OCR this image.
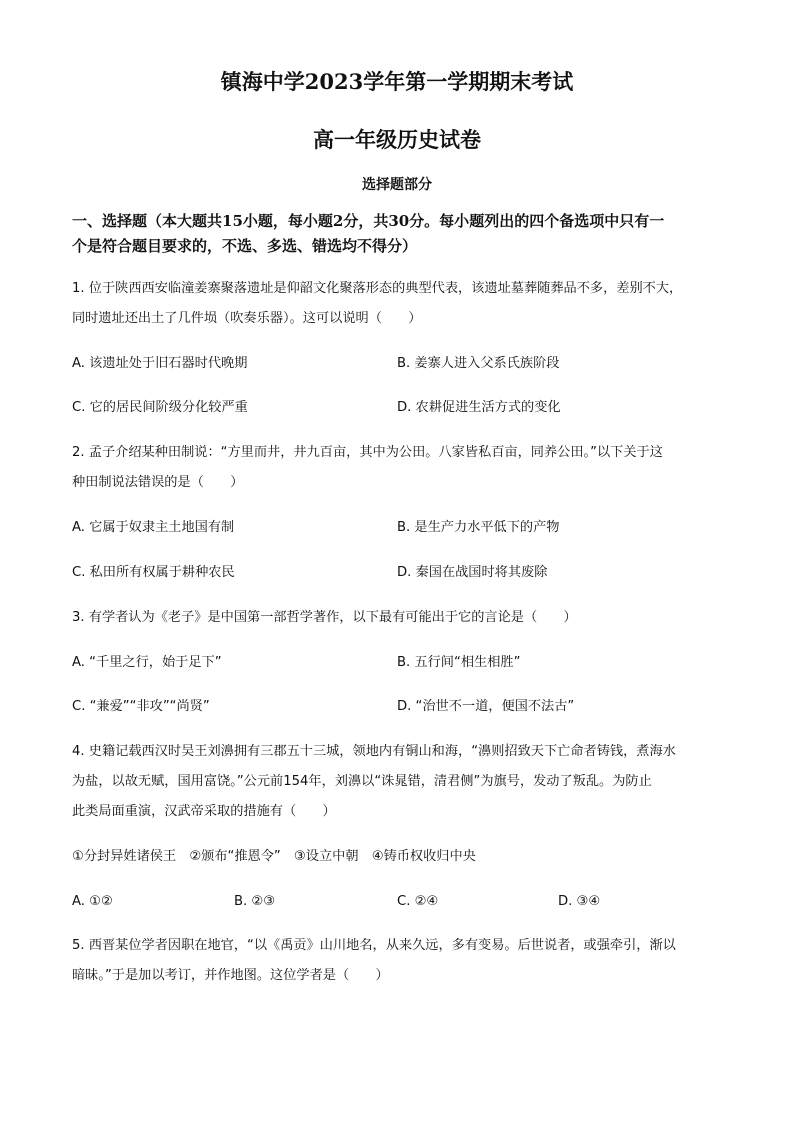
镇海中学2023学年第一学期期末考试
高一年级历史试卷
选择题部分
一、选择题（本大题共15小题，每小题2分，共30分。每小题列出的四个备选项中只有一
个是符合题目要求的，不选、多选、错选均不得分）
1. 位于陕西西安临潼姜寨聚落遗址是仰韶文化聚落形态的典型代表，该遗址墓葬随葬品不多，差别不大，
同时遗址还出土了几件埙（吹奏乐器）。这可以说明（　　）
A. 该遗址处于旧石器时代晚期	B. 姜寨人进入父系氏族阶段
C. 它的居民间阶级分化较严重	D. 农耕促进生活方式的变化
2. 孟子介绍某种田制说：“方里而井，井九百亩，其中为公田。八家皆私百亩，同养公田。”以下关于这
种田制说法错误的是（　　）
A. 它属于奴隶主土地国有制	B. 是生产力水平低下的产物
C. 私田所有权属于耕种农民	D. 秦国在战国时将其废除
3. 有学者认为《老子》是中国第一部哲学著作，以下最有可能出于它的言论是（　　）
A. “千里之行，始于足下”	B. 五行间“相生相胜”
C. “兼爱”“非攻”“尚贤”	D. “治世不一道，便国不法古”
4. 史籍记载西汉时吴王刘濞拥有三郡五十三城，领地内有铜山和海，“濞则招致天下亡命者铸钱，煮海水
为盐，以故无赋，国用富饶。”公元前154年，刘濞以“诛晁错，清君侧”为旗号，发动了叛乱。为防止
此类局面重演，汉武帝采取的措施有（　　）
①分封异姓诸侯王　②颁布“推恩令”　③设立中朝　④铸币权收归中央
A. ①②	B. ②③	C. ②④	D. ③④
5. 西晋某位学者因职在地官，“以《禹贡》山川地名，从来久远，多有变易。后世说者，或强牵引，渐以
暗昧。”于是加以考订，并作地图。这位学者是（　　）
